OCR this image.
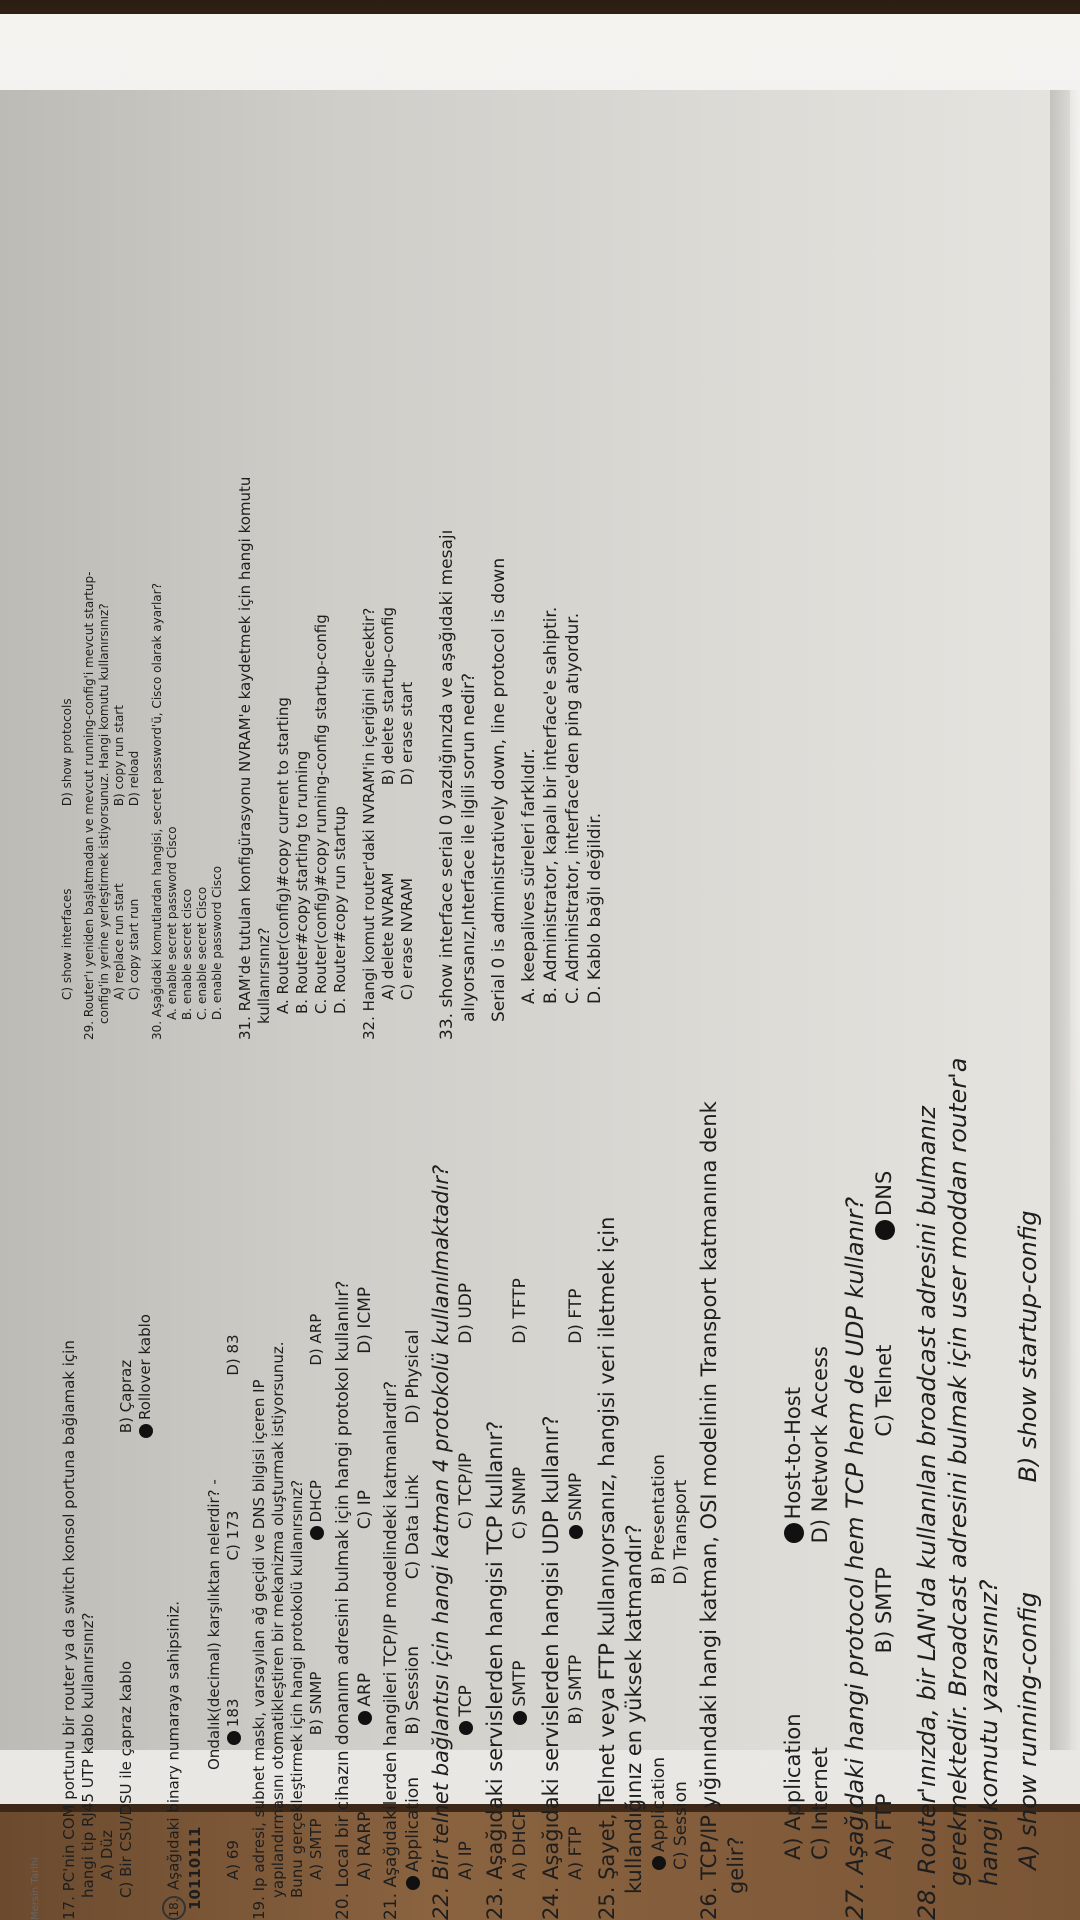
Mersin Tarihi 17. PC'nin COM portunu bir router ya da switch konsol portuna bağlamak için hangi tip RJ45 UTP kablo kullanırsınız? A) Düz C) Bir CSU/DSU ile çapraz kablo B) Çapraz Rollover kablo

18.Aşağıdaki binary numaraya sahipsiniz. 10110111

Ondalık(decimal) karşılıktan nelerdir? -

A) 69 183 C) 173 D) 83

19. Ip adresi, subnet maskı, varsayılan ağ geçidi ve DNS bilgisi içeren IP yapılandırmasını otomatikleştiren bir mekanizma oluşturmak istiyorsunuz. Bunu gerçekleştirmek için hangi protokolü kullanırsınız? A) SMTP B) SNMP DHCP D) ARP 20. Local bir cihazın donanım adresini bulmak için hangi protokol kullanılır? A) RARP ARP C) IP D) ICMP

21. Aşağıdakilerden hangileri TCP/IP modelindeki katmanlardır? Application B) Session C) Data Link D) Physical 22. Bir telnet bağlantısı için hangi katman 4 protokolü kullanılmaktadır? A) IP TCP C) TCP/IP D) UDP

23. Aşağıdaki servislerden hangisi TCP kullanır? A) DHCP SMTP C) SNMP D) TFTP

24. Aşağıdaki servislerden hangisi UDP kullanır? A) FTP B) SMTP SNMP D) FTP 25. Şayet, Telnet veya FTP kullanıyorsanız, hangisi veri iletmek için kullandığınız en yüksek katmandır? Application B) Presentation

C) Session D) Transport 26. TCP/IP yığınındaki hangi katman, OSI modelinin Transport katmanına denk gelir?

A) Application Host-to-Host

C) Internet D) Network Access 27. Aşağıdaki hangi protocol hem TCP hem de UDP kullanır? A) FTP B) SMTP C) Telnet DNS 28. Router'ınızda, bir LAN'da kullanılan broadcast adresini bulmanız gerekmektedir. Broadcast adresini bulmak için user moddan router'a hangi komutu yazarsınız? A) show running-config B) show startup-config

C) show interfaces D) show protocols 29. Router'ı yeniden başlatmadan ve mevcut running-config'i mevcut startup- config'in yerine yerleştirmek istiyorsunuz. Hangi komutu kullanırsınız? A) replace run start B) copy run start

C) copy start run D) reload 30. Aşağıdaki komutlardan hangisi, secret password'ü, Cisco olarak ayarlar? A. enable secret password Cisco B. enable secret cisco C. enable secret Cisco D. enable password Cisco 31. RAM'de tutulan konfigürasyonu NVRAM'e kaydetmek için hangi komutu kullanırsınız? A. Router(config)#copy current to starting B. Router#copy starting to running C. Router(config)#copy running-config startup-config D. Router#copy run startup 32. Hangi komut router'daki NVRAM'in içeriğini silecektir? A) delete NVRAM B) delete startup-config

C) erase NVRAM D) erase start 33. show interface serial 0 yazdığınızda ve aşağıdaki mesajı alıyorsanız,Interface ile ilgili sorun nedir? Serial 0 is administratively down, line protocol is down A. keepalives süreleri farklıdır. B. Administrator, kapalı bir interface'e sahiptir. C. Administrator, interface'den ping atıyordur. D. Kablo bağlı değildir.
